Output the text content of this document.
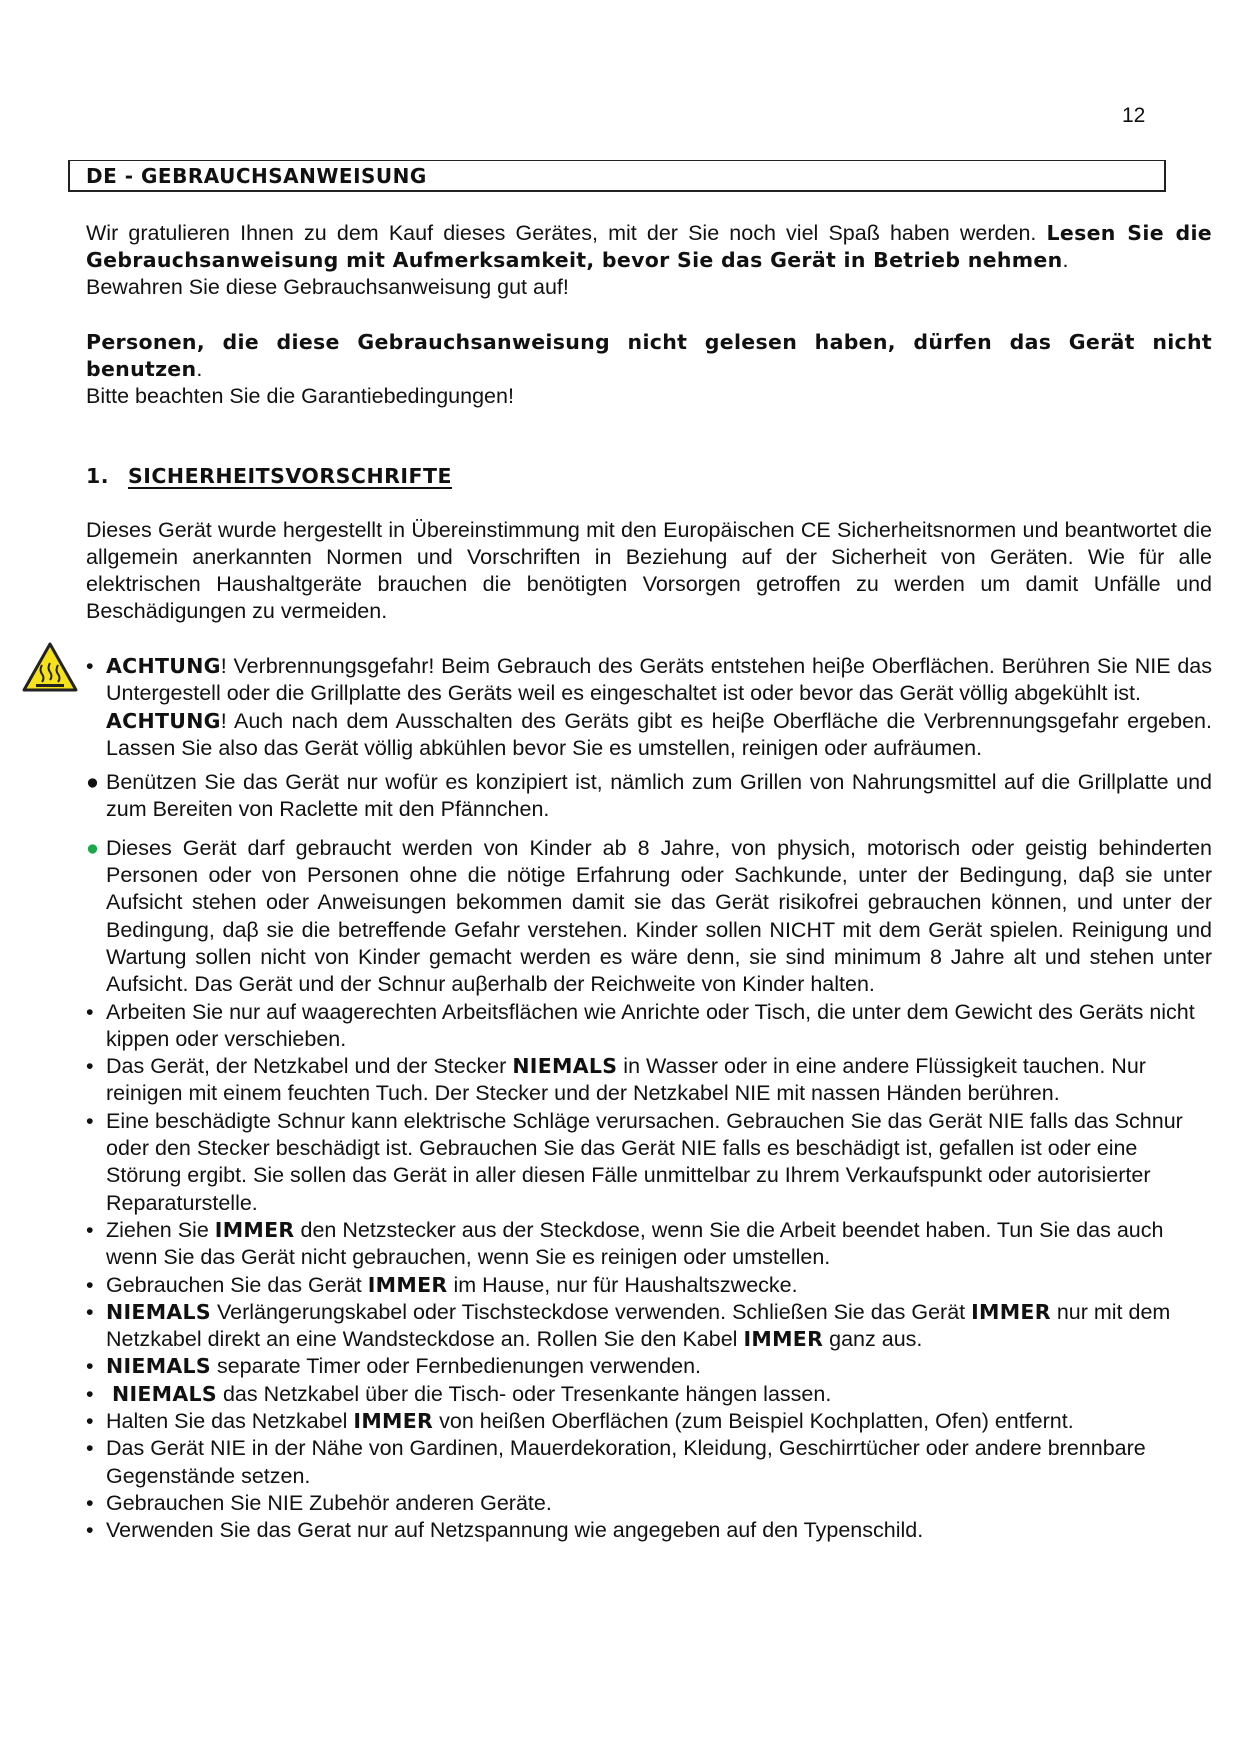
12
DE - GEBRAUCHSANWEISUNG
Wir gratulieren Ihnen zu dem Kauf dieses Gerätes, mit der Sie noch viel Spaß haben werden. Lesen Sie die Gebrauchsanweisung mit Aufmerksamkeit, bevor Sie das Gerät in Betrieb nehmen.
Bewahren Sie diese Gebrauchsanweisung gut auf!
Personen, die diese Gebrauchsanweisung nicht gelesen haben, dürfen das Gerät nicht benutzen.
Bitte beachten Sie die Garantiebedingungen!
1. SICHERHEITSVORSCHRIFTE
Dieses Gerät wurde hergestellt in Übereinstimmung mit den Europäischen CE Sicherheitsnormen und beantwortet die allgemein anerkannten Normen und Vorschriften in Beziehung auf der Sicherheit von Geräten. Wie für alle elektrischen Haushaltgeräte brauchen die benötigten Vorsorgen getroffen zu werden um damit Unfälle und Beschädigungen zu vermeiden.
• ACHTUNG! Verbrennungsgefahr! Beim Gebrauch des Geräts entstehen heiβe Oberflächen. Berühren Sie NIE das Untergestell oder die Grillplatte des Geräts weil es eingeschaltet ist oder bevor das Gerät völlig abgekühlt ist.
ACHTUNG! Auch nach dem Ausschalten des Geräts gibt es heiβe Oberfläche die Verbrennungsgefahr ergeben. Lassen Sie also das Gerät völlig abkühlen bevor Sie es umstellen, reinigen oder aufräumen.
● Benützen Sie das Gerät nur wofür es konzipiert ist, nämlich zum Grillen von Nahrungsmittel auf die Grillplatte und zum Bereiten von Raclette mit den Pfännchen.
● Dieses Gerät darf gebraucht werden von Kinder ab 8 Jahre, von physich, motorisch oder geistig behinderten Personen oder von Personen ohne die nötige Erfahrung oder Sachkunde, unter der Bedingung, daβ sie unter Aufsicht stehen oder Anweisungen bekommen damit sie das Gerät risikofrei gebrauchen können, und unter der Bedingung, daβ sie die betreffende Gefahr verstehen. Kinder sollen NICHT mit dem Gerät spielen. Reinigung und Wartung sollen nicht von Kinder gemacht werden es wäre denn, sie sind minimum 8 Jahre alt und stehen unter Aufsicht. Das Gerät und der Schnur auβerhalb der Reichweite von Kinder halten.
• Arbeiten Sie nur auf waagerechten Arbeitsflächen wie Anrichte oder Tisch, die unter dem Gewicht des Geräts nicht kippen oder verschieben.
• Das Gerät, der Netzkabel und der Stecker NIEMALS in Wasser oder in eine andere Flüssigkeit tauchen. Nur reinigen mit einem feuchten Tuch. Der Stecker und der Netzkabel NIE mit nassen Händen berühren.
• Eine beschädigte Schnur kann elektrische Schläge verursachen. Gebrauchen Sie das Gerät NIE falls das Schnur oder den Stecker beschädigt ist. Gebrauchen Sie das Gerät NIE falls es beschädigt ist, gefallen ist oder eine Störung ergibt. Sie sollen das Gerät in aller diesen Fälle unmittelbar zu Ihrem Verkaufspunkt oder autorisierter Reparaturstelle.
• Ziehen Sie IMMER den Netzstecker aus der Steckdose, wenn Sie die Arbeit beendet haben. Tun Sie das auch wenn Sie das Gerät nicht gebrauchen, wenn Sie es reinigen oder umstellen.
• Gebrauchen Sie das Gerät IMMER im Hause, nur für Haushaltszwecke.
• NIEMALS Verlängerungskabel oder Tischsteckdose verwenden. Schließen Sie das Gerät IMMER nur mit dem Netzkabel direkt an eine Wandsteckdose an. Rollen Sie den Kabel IMMER ganz aus.
• NIEMALS separate Timer oder Fernbedienungen verwenden.
• NIEMALS das Netzkabel über die Tisch- oder Tresenkante hängen lassen.
• Halten Sie das Netzkabel IMMER von heißen Oberflächen (zum Beispiel Kochplatten, Ofen) entfernt.
• Das Gerät NIE in der Nähe von Gardinen, Mauerdekoration, Kleidung, Geschirrtücher oder andere brennbare Gegenstände setzen.
• Gebrauchen Sie NIE Zubehör anderen Geräte.
• Verwenden Sie das Gerat nur auf Netzspannung wie angegeben auf den Typenschild.
